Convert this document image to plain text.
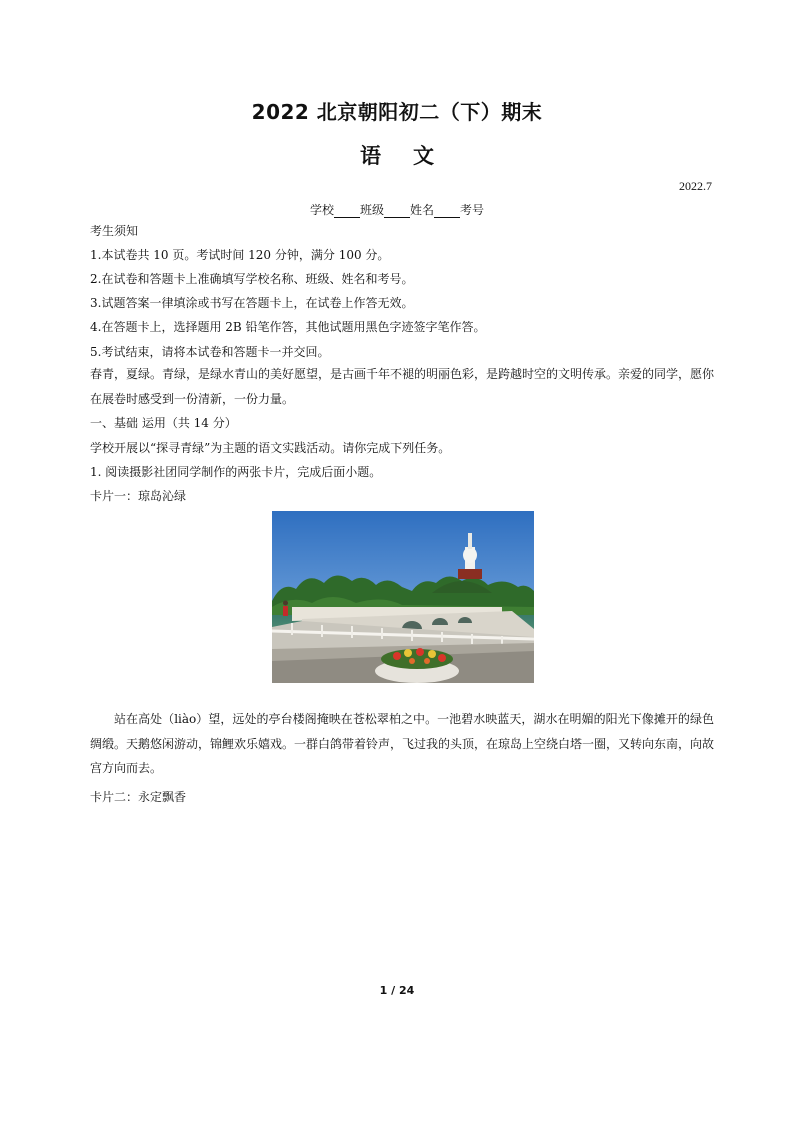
2022 北京朝阳初二（下）期末
语文
2022.7
学校 班级 姓名 考号
考生须知
1.本试卷共 10 页。考试时间 120 分钟，满分 100 分。
2.在试卷和答题卡上准确填写学校名称、班级、姓名和考号。
3.试题答案一律填涂或书写在答题卡上，在试卷上作答无效。
4.在答题卡上，选择题用 2B 铅笔作答，其他试题用黑色字迹签字笔作答。
5.考试结束，请将本试卷和答题卡一并交回。
春青，夏绿。青绿，是绿水青山的美好愿望，是古画千年不褪的明丽色彩，是跨越时空的文明传承。亲爱的同学，愿你在展卷时感受到一份清新，一份力量。
一、基础 运用（共 14 分）
学校开展以“探寻青绿”为主题的语文实践活动。请你完成下列任务。
1. 阅读摄影社团同学制作的两张卡片，完成后面小题。
卡片一：琼岛沁绿
站在高处（liào）望，远处的亭台楼阁掩映在苍松翠柏之中。一池碧水映蓝天，湖水在明媚的阳光下像摊开的绿色绸缎。天鹅悠闲游动，锦鲤欢乐嬉戏。一群白鸽带着铃声，飞过我的头顶，在琼岛上空绕白塔一圈，又转向东南，向故宫方向而去。
卡片二：永定飘香
1 / 24
